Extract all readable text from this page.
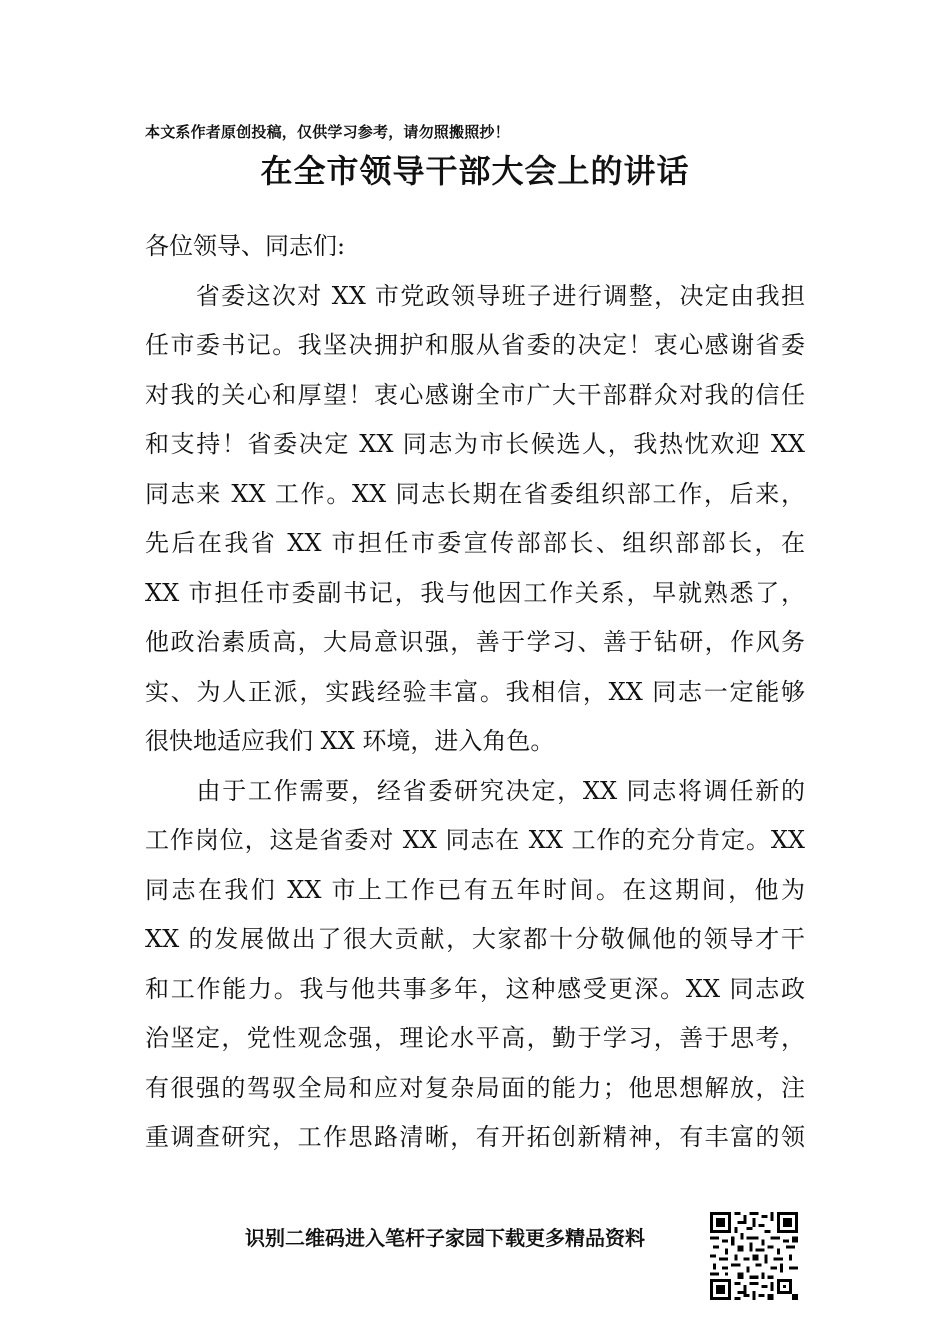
本文系作者原创投稿，仅供学习参考，请勿照搬照抄！
在全市领导干部大会上的讲话
各位领导、同志们:
　　省委这次对 XX 市党政领导班子进行调整，决定由我担
任市委书记。我坚决拥护和服从省委的决定！衷心感谢省委
对我的关心和厚望！衷心感谢全市广大干部群众对我的信任
和支持！省委决定 XX 同志为市长候选人，我热忱欢迎 XX
同志来 XX 工作。XX 同志长期在省委组织部工作，后来，
先后在我省 XX 市担任市委宣传部部长、组织部部长，在
XX 市担任市委副书记，我与他因工作关系，早就熟悉了，
他政治素质高，大局意识强，善于学习、善于钻研，作风务
实、为人正派，实践经验丰富。我相信，XX 同志一定能够
很快地适应我们 XX 环境，进入角色。
　　由于工作需要，经省委研究决定，XX 同志将调任新的
工作岗位，这是省委对 XX 同志在 XX 工作的充分肯定。XX
同志在我们 XX 市上工作已有五年时间。在这期间，他为
XX 的发展做出了很大贡献，大家都十分敬佩他的领导才干
和工作能力。我与他共事多年，这种感受更深。XX 同志政
治坚定，党性观念强，理论水平高，勤于学习，善于思考，
有很强的驾驭全局和应对复杂局面的能力；他思想解放，注
重调查研究，工作思路清晰，有开拓创新精神，有丰富的领
识别二维码进入笔杆子家园下载更多精品资料
